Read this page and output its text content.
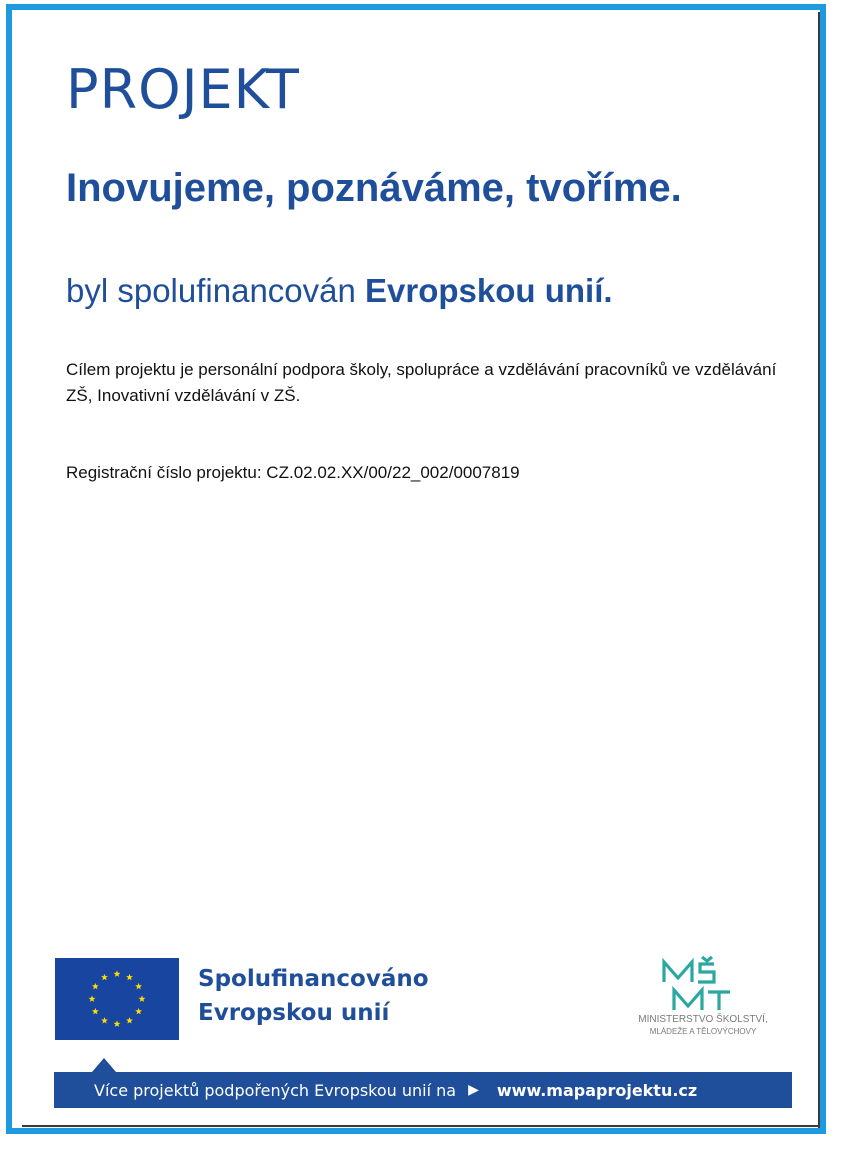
PROJEKT
Inovujeme, poznáváme, tvoříme.

byl spolufinancován Evropskou unií.

Cílem projektu je personální podpora školy, spolupráce a vzdělávání pracovníků ve vzdělávání ZŠ, Inovativní vzdělávání v ZŠ.

Registrační číslo projektu: CZ.02.02.XX/00/22_002/0007819

Spolufinancováno
Evropskou unií	MINISTERSTVO ŠKOLSTVÍ,
MLÁDEŽE A TĚLOVÝCHOVY
Více projektů podpořených Evropskou unií na ▶ www.mapaprojektu.cz
